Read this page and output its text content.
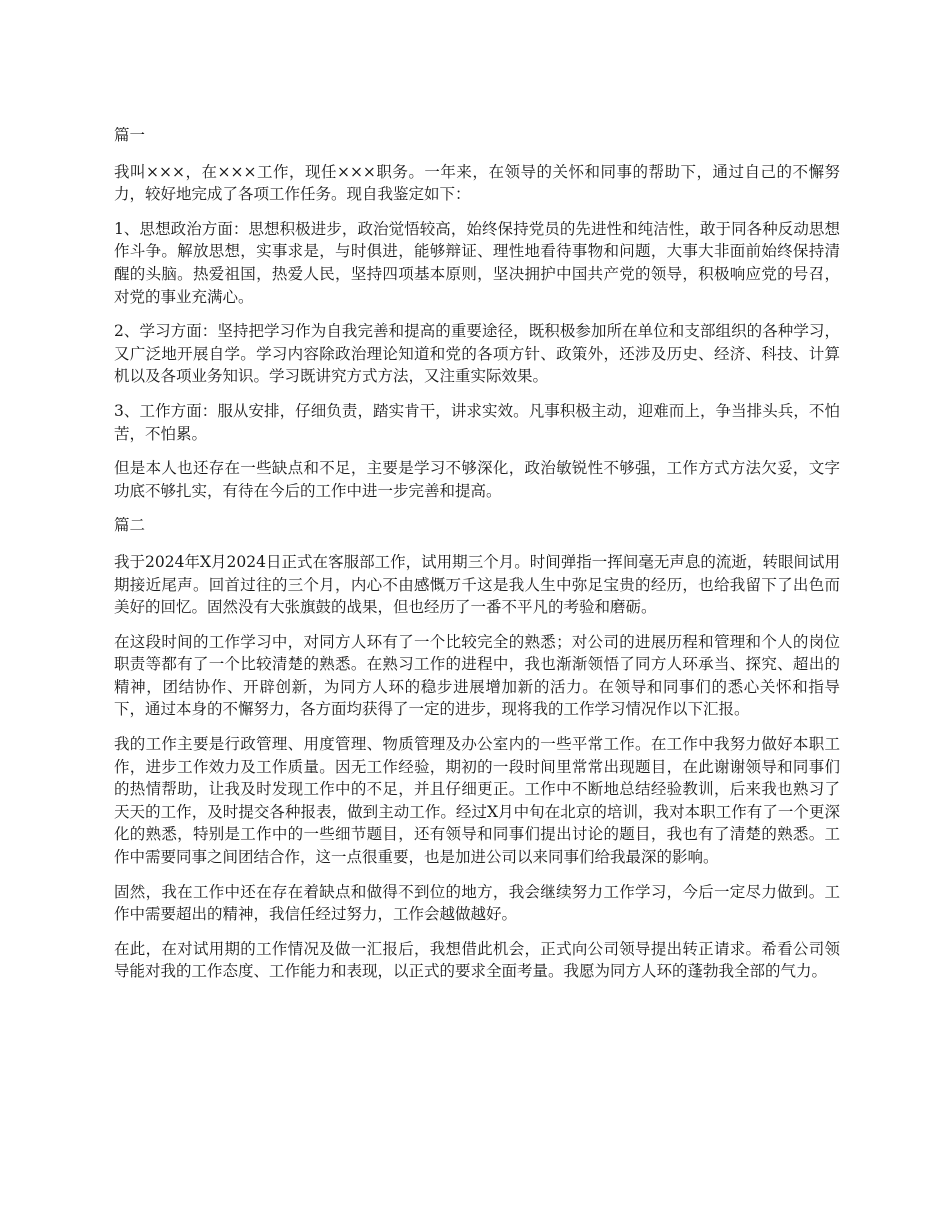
篇一

我叫×××，在×××工作，现任×××职务。一年来，在领导的关怀和同事的帮助下，通过自己的不懈努力，较好地完成了各项工作任务。现自我鉴定如下：

1、思想政治方面：思想积极进步，政治觉悟较高，始终保持党员的先进性和纯洁性，敢于同各种反动思想作斗争。解放思想，实事求是，与时俱进，能够辩证、理性地看待事物和问题，大事大非面前始终保持清醒的头脑。热爱祖国，热爱人民，坚持四项基本原则，坚决拥护中国共产党的领导，积极响应党的号召，对党的事业充满心。

2、学习方面：坚持把学习作为自我完善和提高的重要途径，既积极参加所在单位和支部组织的各种学习，又广泛地开展自学。学习内容除政治理论知道和党的各项方针、政策外，还涉及历史、经济、科技、计算机以及各项业务知识。学习既讲究方式方法，又注重实际效果。

3、工作方面：服从安排，仔细负责，踏实肯干，讲求实效。凡事积极主动，迎难而上，争当排头兵，不怕苦，不怕累。

但是本人也还存在一些缺点和不足，主要是学习不够深化，政治敏锐性不够强，工作方式方法欠妥，文字功底不够扎实，有待在今后的工作中进一步完善和提高。

篇二

我于2024年X月2024日正式在客服部工作，试用期三个月。时间弹指一挥间毫无声息的流逝，转眼间试用期接近尾声。回首过往的三个月，内心不由感慨万千这是我人生中弥足宝贵的经历，也给我留下了出色而美好的回忆。固然没有大张旗鼓的战果，但也经历了一番不平凡的考验和磨砺。

在这段时间的工作学习中，对同方人环有了一个比较完全的熟悉；对公司的进展历程和管理和个人的岗位职责等都有了一个比较清楚的熟悉。在熟习工作的进程中，我也渐渐领悟了同方人环承当、探究、超出的精神，团结协作、开辟创新，为同方人环的稳步进展增加新的活力。在领导和同事们的悉心关怀和指导下，通过本身的不懈努力，各方面均获得了一定的进步，现将我的工作学习情况作以下汇报。

我的工作主要是行政管理、用度管理、物质管理及办公室内的一些平常工作。在工作中我努力做好本职工作，进步工作效力及工作质量。因无工作经验，期初的一段时间里常常出现题目，在此谢谢领导和同事们的热情帮助，让我及时发现工作中的不足，并且仔细更正。工作中不断地总结经验教训，后来我也熟习了天天的工作，及时提交各种报表，做到主动工作。经过X月中旬在北京的培训，我对本职工作有了一个更深化的熟悉，特别是工作中的一些细节题目，还有领导和同事们提出讨论的题目，我也有了清楚的熟悉。工作中需要同事之间团结合作，这一点很重要，也是加进公司以来同事们给我最深的影响。

固然，我在工作中还在存在着缺点和做得不到位的地方，我会继续努力工作学习，今后一定尽力做到。工作中需要超出的精神，我信任经过努力，工作会越做越好。

在此，在对试用期的工作情况及做一汇报后，我想借此机会，正式向公司领导提出转正请求。希看公司领导能对我的工作态度、工作能力和表现，以正式的要求全面考量。我愿为同方人环的蓬勃我全部的气力。
